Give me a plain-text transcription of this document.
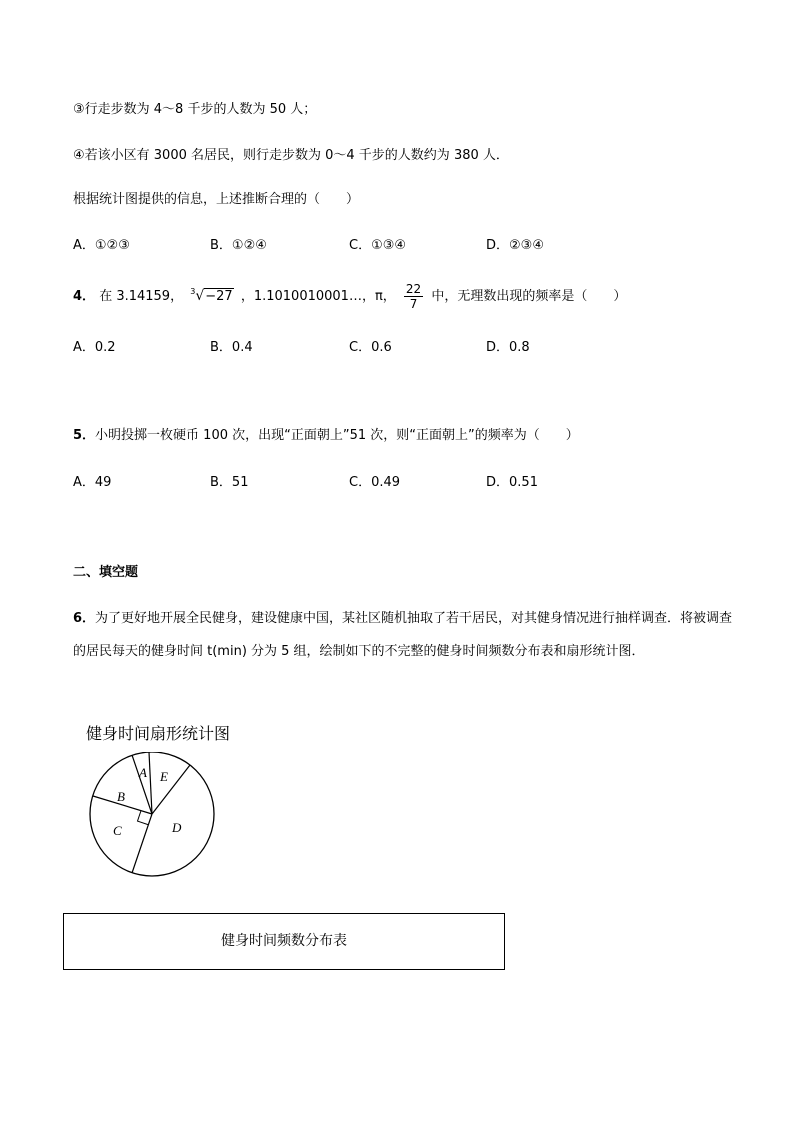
③行走步数为 4～8 千步的人数为 50 人；
④若该小区有 3000 名居民，则行走步数为 0～4 千步的人数约为 380 人．
根据统计图提供的信息，上述推断合理的（　　）
A．①②③	B．①②④	C．①③④	D．②③④
4． 在 3.14159， $^3$√−27 ，1.1010010001…，π， $\frac{22}{7}$ 中，无理数出现的频率是（　　）
A．0.2	B．0.4	C．0.6	D．0.8
5．小明投掷一枚硬币 100 次，出现“正面朝上”51 次，则“正面朝上”的频率为（　　）
A．49	B．51	C．0.49	D．0.51
二、填空题
6．为了更好地开展全民健身，建设健康中国，某社区随机抽取了若干居民，对其健身情况进行抽样调查．将被调查的居民每天的健身时间 t(min) 分为 5 组，绘制如下的不完整的健身时间频数分布表和扇形统计图．
健身时间扇形统计图
A E
B
C	D
健身时间频数分布表
